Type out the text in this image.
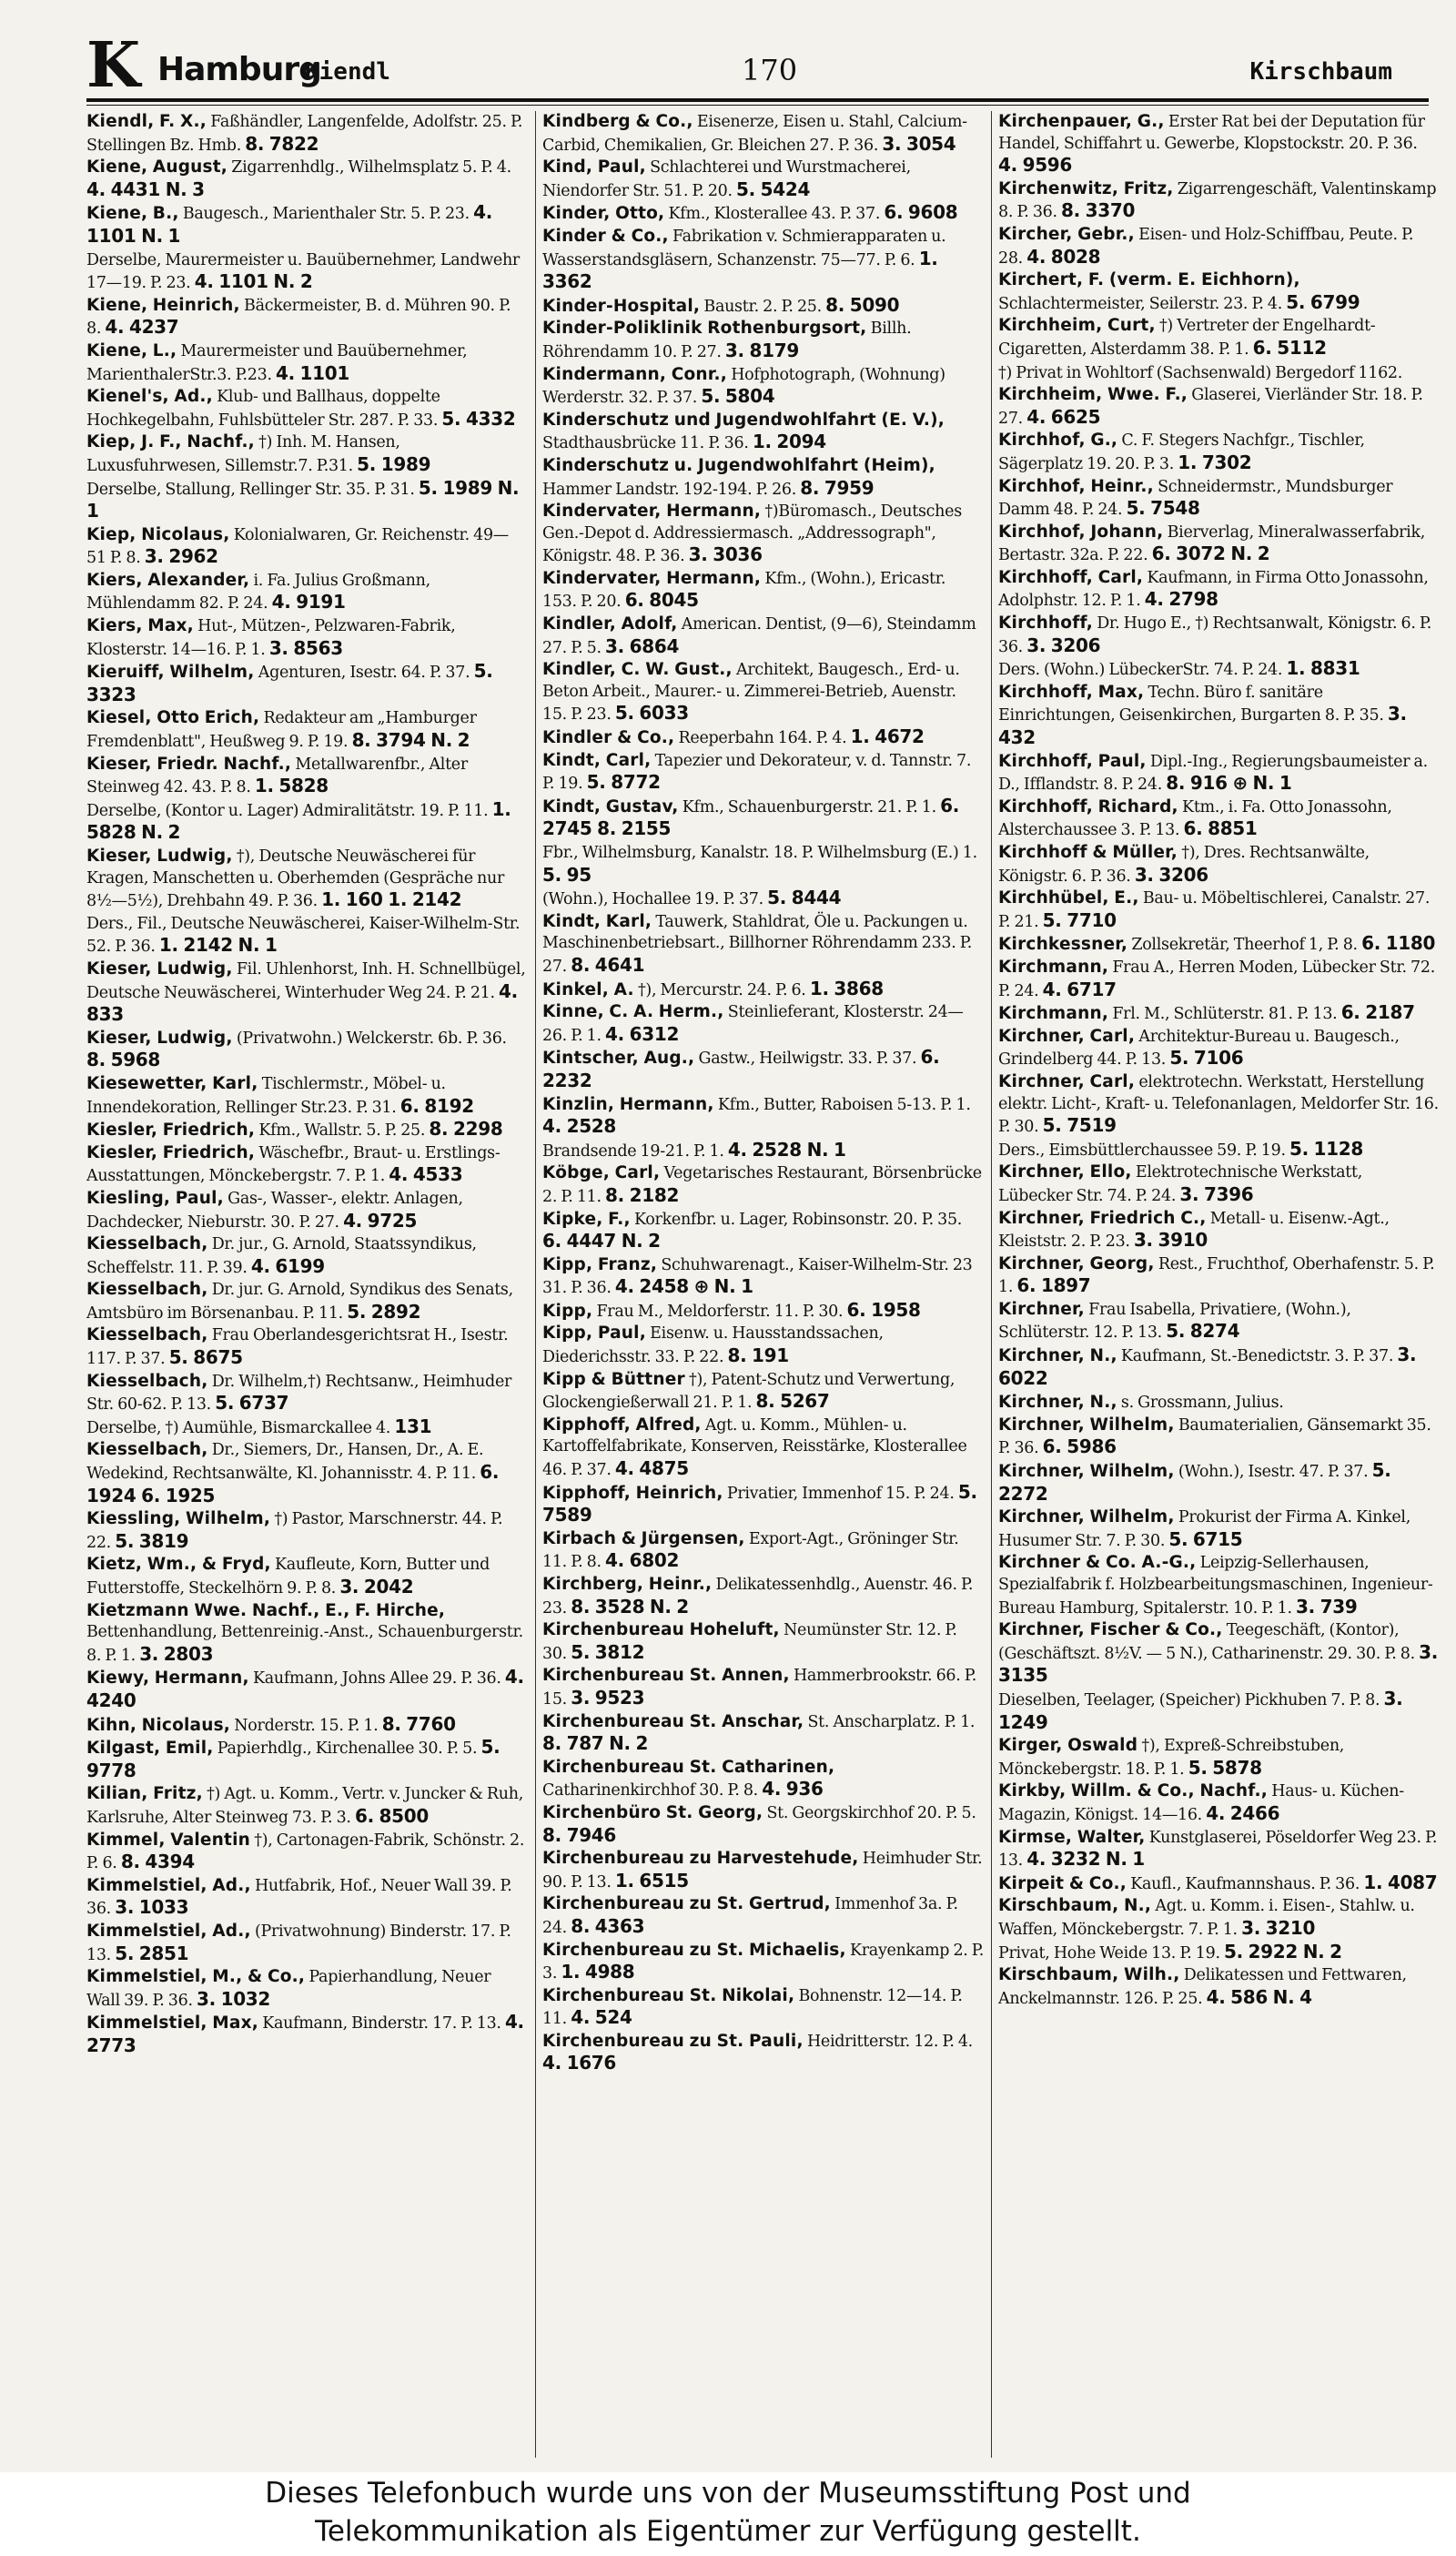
K Hamburg
Kiendl	170	Kirschbaum

Kiendl, F. X., Faßhändler, Langenfelde, Adolfstr. 25. P. Stellingen Bz. Hmb. 8. 7822

Kiene, August, Zigarrenhdlg., Wilhelmsplatz 5. P. 4. 4. 4431 N. 3

Kiene, B., Baugesch., Marienthaler Str. 5. P. 23. 4. 1101 N. 1

Derselbe, Maurermeister u. Bauübernehmer, Landwehr 17—19. P. 23. 4. 1101 N. 2

Kiene, Heinrich, Bäckermeister, B. d. Mühren 90. P. 8. 4. 4237

Kiene, L., Maurermeister und Bauübernehmer, MarienthalerStr.3. P.23. 4. 1101

Kienel's, Ad., Klub- und Ballhaus, doppelte Hochkegelbahn, Fuhlsbütteler Str. 287. P. 33. 5. 4332

Kiep, J. F., Nachf., †) Inh. M. Hansen, Luxusfuhrwesen, Sillemstr.7. P.31. 5. 1989

Derselbe, Stallung, Rellinger Str. 35. P. 31. 5. 1989 N. 1

Kiep, Nicolaus, Kolonialwaren, Gr. Reichenstr. 49—51 P. 8. 3. 2962

Kiers, Alexander, i. Fa. Julius Großmann, Mühlendamm 82. P. 24. 4. 9191

Kiers, Max, Hut-, Mützen-, Pelzwaren-Fabrik, Klosterstr. 14—16. P. 1. 3. 8563

Kieruiff, Wilhelm, Agenturen, Isestr. 64. P. 37. 5. 3323

Kiesel, Otto Erich, Redakteur am „Hamburger Fremdenblatt", Heußweg 9. P. 19. 8. 3794 N. 2

Kieser, Friedr. Nachf., Metallwarenfbr., Alter Steinweg 42. 43. P. 8. 1. 5828

Derselbe, (Kontor u. Lager) Admiralitätstr. 19. P. 11. 1. 5828 N. 2

Kieser, Ludwig, †), Deutsche Neuwäscherei für Kragen, Manschetten u. Oberhemden (Gespräche nur 8½—5½), Drehbahn 49. P. 36. 1. 160 1. 2142

Ders., Fil., Deutsche Neuwäscherei, Kaiser-Wilhelm-Str. 52. P. 36. 1. 2142 N. 1

Kieser, Ludwig, Fil. Uhlenhorst, Inh. H. Schnellbügel, Deutsche Neuwäscherei, Winterhuder Weg 24. P. 21. 4. 833

Kieser, Ludwig, (Privatwohn.) Welckerstr. 6b. P. 36. 8. 5968

Kiesewetter, Karl, Tischlermstr., Möbel- u. Innendekoration, Rellinger Str.23. P. 31. 6. 8192

Kiesler, Friedrich, Kfm., Wallstr. 5. P. 25. 8. 2298

Kiesler, Friedrich, Wäschefbr., Braut- u. Erstlings-Ausstattungen, Mönckebergstr. 7. P. 1. 4. 4533

Kiesling, Paul, Gas-, Wasser-, elektr. Anlagen, Dachdecker, Nieburstr. 30. P. 27. 4. 9725

Kiesselbach, Dr. jur., G. Arnold, Staatssyndikus, Scheffelstr. 11. P. 39. 4. 6199

Kiesselbach, Dr. jur. G. Arnold, Syndikus des Senats, Amtsbüro im Börsenanbau. P. 11. 5. 2892

Kiesselbach, Frau Oberlandesgerichtsrat H., Isestr. 117. P. 37. 5. 8675

Kiesselbach, Dr. Wilhelm,†) Rechtsanw., Heimhuder Str. 60-62. P. 13. 5. 6737

Derselbe, †) Aumühle, Bismarckallee 4. 131

Kiesselbach, Dr., Siemers, Dr., Hansen, Dr., A. E. Wedekind, Rechtsanwälte, Kl. Johannisstr. 4. P. 11. 6. 1924 6. 1925

Kiessling, Wilhelm, †) Pastor, Marschnerstr. 44. P. 22. 5. 3819

Kietz, Wm., & Fryd, Kaufleute, Korn, Butter und Futterstoffe, Steckelhörn 9. P. 8. 3. 2042

Kietzmann Wwe. Nachf., E., F. Hirche, Bettenhandlung, Bettenreinig.-Anst., Schauenburgerstr. 8. P. 1. 3. 2803

Kiewy, Hermann, Kaufmann, Johns Allee 29. P. 36. 4. 4240

Kihn, Nicolaus, Norderstr. 15. P. 1. 8. 7760

Kilgast, Emil, Papierhdlg., Kirchenallee 30. P. 5. 5. 9778

Kilian, Fritz, †) Agt. u. Komm., Vertr. v. Juncker & Ruh, Karlsruhe, Alter Steinweg 73. P. 3. 6. 8500

Kimmel, Valentin †), Cartonagen-Fabrik, Schönstr. 2. P. 6. 8. 4394

Kimmelstiel, Ad., Hutfabrik, Hof., Neuer Wall 39. P. 36. 3. 1033

Kimmelstiel, Ad., (Privatwohnung) Binderstr. 17. P. 13. 5. 2851

Kimmelstiel, M., & Co., Papierhandlung, Neuer Wall 39. P. 36. 3. 1032

Kimmelstiel, Max, Kaufmann, Binderstr. 17. P. 13. 4. 2773

Kindberg & Co., Eisenerze, Eisen u. Stahl, Calcium-Carbid, Chemikalien, Gr. Bleichen 27. P. 36. 3. 3054

Kind, Paul, Schlachterei und Wurstmacherei, Niendorfer Str. 51. P. 20. 5. 5424

Kinder, Otto, Kfm., Klosterallee 43. P. 37. 6. 9608

Kinder & Co., Fabrikation v. Schmierapparaten u. Wasserstandsgläsern, Schanzenstr. 75—77. P. 6. 1. 3362

Kinder-Hospital, Baustr. 2. P. 25. 8. 5090

Kinder-Poliklinik Rothenburgsort, Billh. Röhrendamm 10. P. 27. 3. 8179

Kindermann, Conr., Hofphotograph, (Wohnung) Werderstr. 32. P. 37. 5. 5804

Kinderschutz und Jugendwohlfahrt (E. V.), Stadthausbrücke 11. P. 36. 1. 2094

Kinderschutz u. Jugendwohlfahrt (Heim), Hammer Landstr. 192-194. P. 26. 8. 7959

Kindervater, Hermann, †)Büromasch., Deutsches Gen.-Depot d. Addressiermasch. „Addressograph", Königstr. 48. P. 36. 3. 3036

Kindervater, Hermann, Kfm., (Wohn.), Ericastr. 153. P. 20. 6. 8045

Kindler, Adolf, American. Dentist, (9—6), Steindamm 27. P. 5. 3. 6864

Kindler, C. W. Gust., Architekt, Baugesch., Erd- u. Beton Arbeit., Maurer.- u. Zimmerei-Betrieb, Auenstr. 15. P. 23. 5. 6033

Kindler & Co., Reeperbahn 164. P. 4. 1. 4672

Kindt, Carl, Tapezier und Dekorateur, v. d. Tannstr. 7. P. 19. 5. 8772

Kindt, Gustav, Kfm., Schauenburgerstr. 21. P. 1. 6. 2745 8. 2155

Fbr., Wilhelmsburg, Kanalstr. 18. P. Wilhelmsburg (E.) 1. 5. 95

(Wohn.), Hochallee 19. P. 37. 5. 8444

Kindt, Karl, Tauwerk, Stahldrat, Öle u. Packungen u. Maschinenbetriebsart., Billhorner Röhrendamm 233. P. 27. 8. 4641

Kinkel, A. †), Mercurstr. 24. P. 6. 1. 3868

Kinne, C. A. Herm., Steinlieferant, Klosterstr. 24—26. P. 1. 4. 6312

Kintscher, Aug., Gastw., Heilwigstr. 33. P. 37. 6. 2232

Kinzlin, Hermann, Kfm., Butter, Raboisen 5-13. P. 1. 4. 2528

Brandsende 19-21. P. 1. 4. 2528 N. 1

Köbge, Carl, Vegetarisches Restaurant, Börsenbrücke 2. P. 11. 8. 2182

Kipke, F., Korkenfbr. u. Lager, Robinsonstr. 20. P. 35. 6. 4447 N. 2

Kipp, Franz, Schuhwarenagt., Kaiser-Wilhelm-Str. 23 31. P. 36. 4. 2458 ⊕ N. 1

Kipp, Frau M., Meldorferstr. 11. P. 30. 6. 1958

Kipp, Paul, Eisenw. u. Hausstandssachen, Diederichsstr. 33. P. 22. 8. 191

Kipp & Büttner †), Patent-Schutz und Verwertung, Glockengießerwall 21. P. 1. 8. 5267

Kipphoff, Alfred, Agt. u. Komm., Mühlen- u. Kartoffelfabrikate, Konserven, Reisstärke, Klosterallee 46. P. 37. 4. 4875

Kipphoff, Heinrich, Privatier, Immenhof 15. P. 24. 5. 7589

Kirbach & Jürgensen, Export-Agt., Gröninger Str. 11. P. 8. 4. 6802

Kirchberg, Heinr., Delikatessenhdlg., Auenstr. 46. P. 23. 8. 3528 N. 2

Kirchenbureau Hoheluft, Neumünster Str. 12. P. 30. 5. 3812

Kirchenbureau St. Annen, Hammerbrookstr. 66. P. 15. 3. 9523

Kirchenbureau St. Anschar, St. Anscharplatz. P. 1. 8. 787 N. 2

Kirchenbureau St. Catharinen, Catharinenkirchhof 30. P. 8. 4. 936

Kirchenbüro St. Georg, St. Georgskirchhof 20. P. 5. 8. 7946

Kirchenbureau zu Harvestehude, Heimhuder Str. 90. P. 13. 1. 6515

Kirchenbureau zu St. Gertrud, Immenhof 3a. P. 24. 8. 4363

Kirchenbureau zu St. Michaelis, Krayenkamp 2. P. 3. 1. 4988

Kirchenbureau St. Nikolai, Bohnenstr. 12—14. P. 11. 4. 524

Kirchenbureau zu St. Pauli, Heidritterstr. 12. P. 4. 4. 1676

Kirchenpauer, G., Erster Rat bei der Deputation für Handel, Schiffahrt u. Gewerbe, Klopstockstr. 20. P. 36. 4. 9596

Kirchenwitz, Fritz, Zigarrengeschäft, Valentinskamp 8. P. 36. 8. 3370

Kircher, Gebr., Eisen- und Holz-Schiffbau, Peute. P. 28. 4. 8028

Kirchert, F. (verm. E. Eichhorn), Schlachtermeister, Seilerstr. 23. P. 4. 5. 6799

Kirchheim, Curt, †) Vertreter der Engelhardt-Cigaretten, Alsterdamm 38. P. 1. 6. 5112

†) Privat in Wohltorf (Sachsenwald) Bergedorf 1162.

Kirchheim, Wwe. F., Glaserei, Vierländer Str. 18. P. 27. 4. 6625

Kirchhof, G., C. F. Stegers Nachfgr., Tischler, Sägerplatz 19. 20. P. 3. 1. 7302

Kirchhof, Heinr., Schneidermstr., Mundsburger Damm 48. P. 24. 5. 7548

Kirchhof, Johann, Bierverlag, Mineralwasserfabrik, Bertastr. 32a. P. 22. 6. 3072 N. 2

Kirchhoff, Carl, Kaufmann, in Firma Otto Jonassohn, Adolphstr. 12. P. 1. 4. 2798

Kirchhoff, Dr. Hugo E., †) Rechtsanwalt, Königstr. 6. P. 36. 3. 3206

Ders. (Wohn.) LübeckerStr. 74. P. 24. 1. 8831

Kirchhoff, Max, Techn. Büro f. sanitäre Einrichtungen, Geisenkirchen, Burgarten 8. P. 35. 3. 432

Kirchhoff, Paul, Dipl.-Ing., Regierungsbaumeister a. D., Ifflandstr. 8. P. 24. 8. 916 ⊕ N. 1

Kirchhoff, Richard, Ktm., i. Fa. Otto Jonassohn, Alsterchaussee 3. P. 13. 6. 8851

Kirchhoff & Müller, †), Dres. Rechtsanwälte, Königstr. 6. P. 36. 3. 3206

Kirchhübel, E., Bau- u. Möbeltischlerei, Canalstr. 27. P. 21. 5. 7710

Kirchkessner, Zollsekretär, Theerhof 1, P. 8. 6. 1180

Kirchmann, Frau A., Herren Moden, Lübecker Str. 72. P. 24. 4. 6717

Kirchmann, Frl. M., Schlüterstr. 81. P. 13. 6. 2187

Kirchner, Carl, Architektur-Bureau u. Baugesch., Grindelberg 44. P. 13. 5. 7106

Kirchner, Carl, elektrotechn. Werkstatt, Herstellung elektr. Licht-, Kraft- u. Telefonanlagen, Meldorfer Str. 16. P. 30. 5. 7519

Ders., Eimsbüttlerchaussee 59. P. 19. 5. 1128

Kirchner, Ello, Elektrotechnische Werkstatt, Lübecker Str. 74. P. 24. 3. 7396

Kirchner, Friedrich C., Metall- u. Eisenw.-Agt., Kleiststr. 2. P. 23. 3. 3910

Kirchner, Georg, Rest., Fruchthof, Oberhafenstr. 5. P. 1. 6. 1897

Kirchner, Frau Isabella, Privatiere, (Wohn.), Schlüterstr. 12. P. 13. 5. 8274

Kirchner, N., Kaufmann, St.-Benedictstr. 3. P. 37. 3. 6022

Kirchner, N., s. Grossmann, Julius.

Kirchner, Wilhelm, Baumaterialien, Gänsemarkt 35. P. 36. 6. 5986

Kirchner, Wilhelm, (Wohn.), Isestr. 47. P. 37. 5. 2272

Kirchner, Wilhelm, Prokurist der Firma A. Kinkel, Husumer Str. 7. P. 30. 5. 6715

Kirchner & Co. A.-G., Leipzig-Sellerhausen, Spezialfabrik f. Holzbearbeitungsmaschinen, Ingenieur-Bureau Hamburg, Spitalerstr. 10. P. 1. 3. 739

Kirchner, Fischer & Co., Teegeschäft, (Kontor), (Geschäftszt. 8½V. — 5 N.), Catharinenstr. 29. 30. P. 8. 3. 3135

Dieselben, Teelager, (Speicher) Pickhuben 7. P. 8. 3. 1249

Kirger, Oswald †), Expreß-Schreibstuben, Mönckebergstr. 18. P. 1. 5. 5878

Kirkby, Willm. & Co., Nachf., Haus- u. Küchen-Magazin, Königst. 14—16. 4. 2466

Kirmse, Walter, Kunstglaserei, Pöseldorfer Weg 23. P. 13. 4. 3232 N. 1

Kirpeit & Co., Kaufl., Kaufmannshaus. P. 36. 1. 4087

Kirschbaum, N., Agt. u. Komm. i. Eisen-, Stahlw. u. Waffen, Mönckebergstr. 7. P. 1. 3. 3210

Privat, Hohe Weide 13. P. 19. 5. 2922 N. 2

Kirschbaum, Wilh., Delikatessen und Fettwaren, Anckelmannstr. 126. P. 25. 4. 586 N. 4

Dieses Telefonbuch wurde uns von der Museumsstiftung Post und
Telekommunikation als Eigentümer zur Verfügung gestellt.
